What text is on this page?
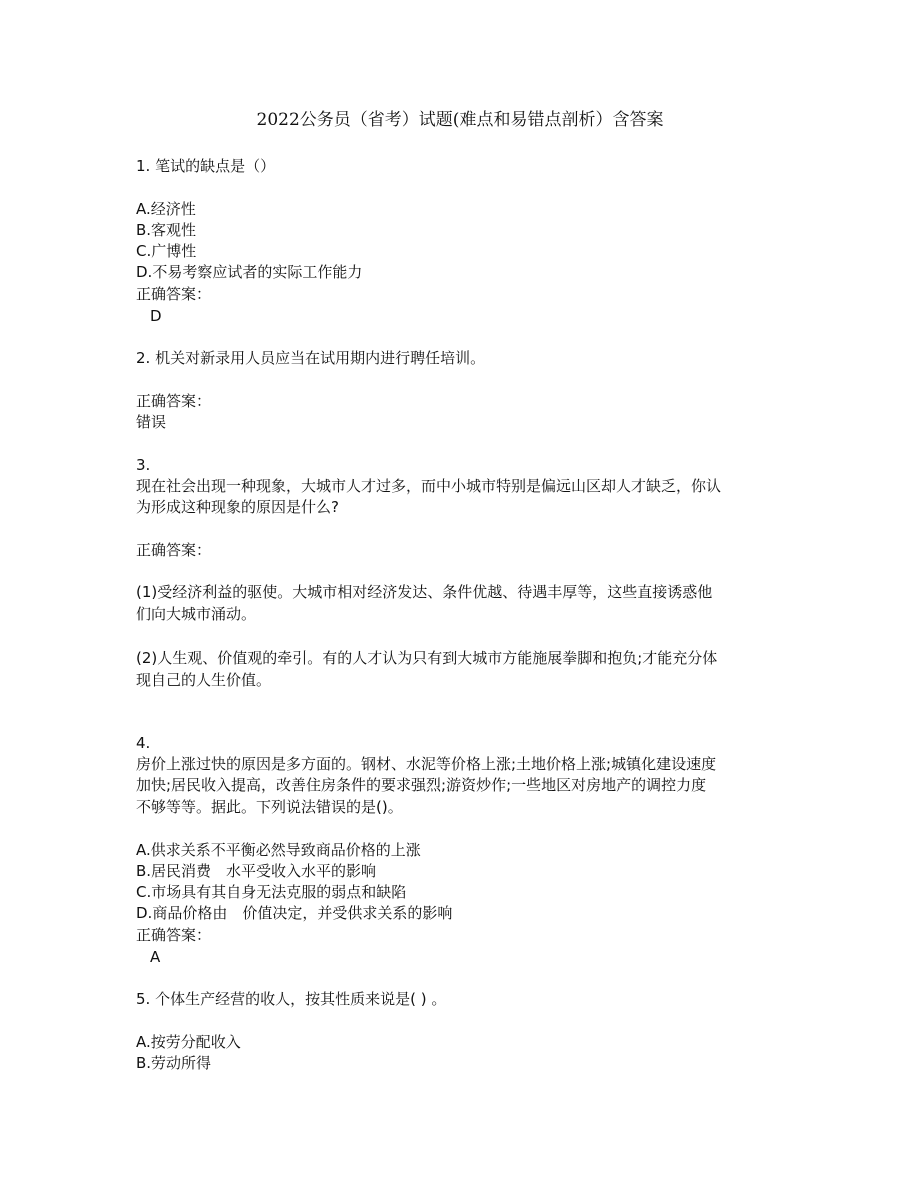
2022公务员（省考）试题(难点和易错点剖析）含答案
1. 笔试的缺点是（）
A.经济性
B.客观性
C.广博性
D.不易考察应试者的实际工作能力
正确答案：
D
2. 机关对新录用人员应当在试用期内进行聘任培训。
正确答案：
错误
3.
现在社会出现一种现象，大城市人才过多，而中小城市特别是偏远山区却人才缺乏，你认
为形成这种现象的原因是什么?
正确答案：
(1)受经济利益的驱使。大城市相对经济发达、条件优越、待遇丰厚等，这些直接诱惑他
们向大城市涌动。
(2)人生观、价值观的牵引。有的人才认为只有到大城市方能施展拳脚和抱负;才能充分体
现自己的人生价值。
4.
房价上涨过快的原因是多方面的。钢材、水泥等价格上涨;土地价格上涨;城镇化建设速度
加快;居民收入提高，改善住房条件的要求强烈;游资炒作;一些地区对房地产的调控力度
不够等等。据此。下列说法错误的是()。
A.供求关系不平衡必然导致商品价格的上涨
B.居民消费　水平受收入水平的影响
C.市场具有其自身无法克服的弱点和缺陷
D.商品价格由　价值决定，并受供求关系的影响
正确答案：
A
5. 个体生产经营的收人，按其性质来说是( ) 。
A.按劳分配收入
B.劳动所得
